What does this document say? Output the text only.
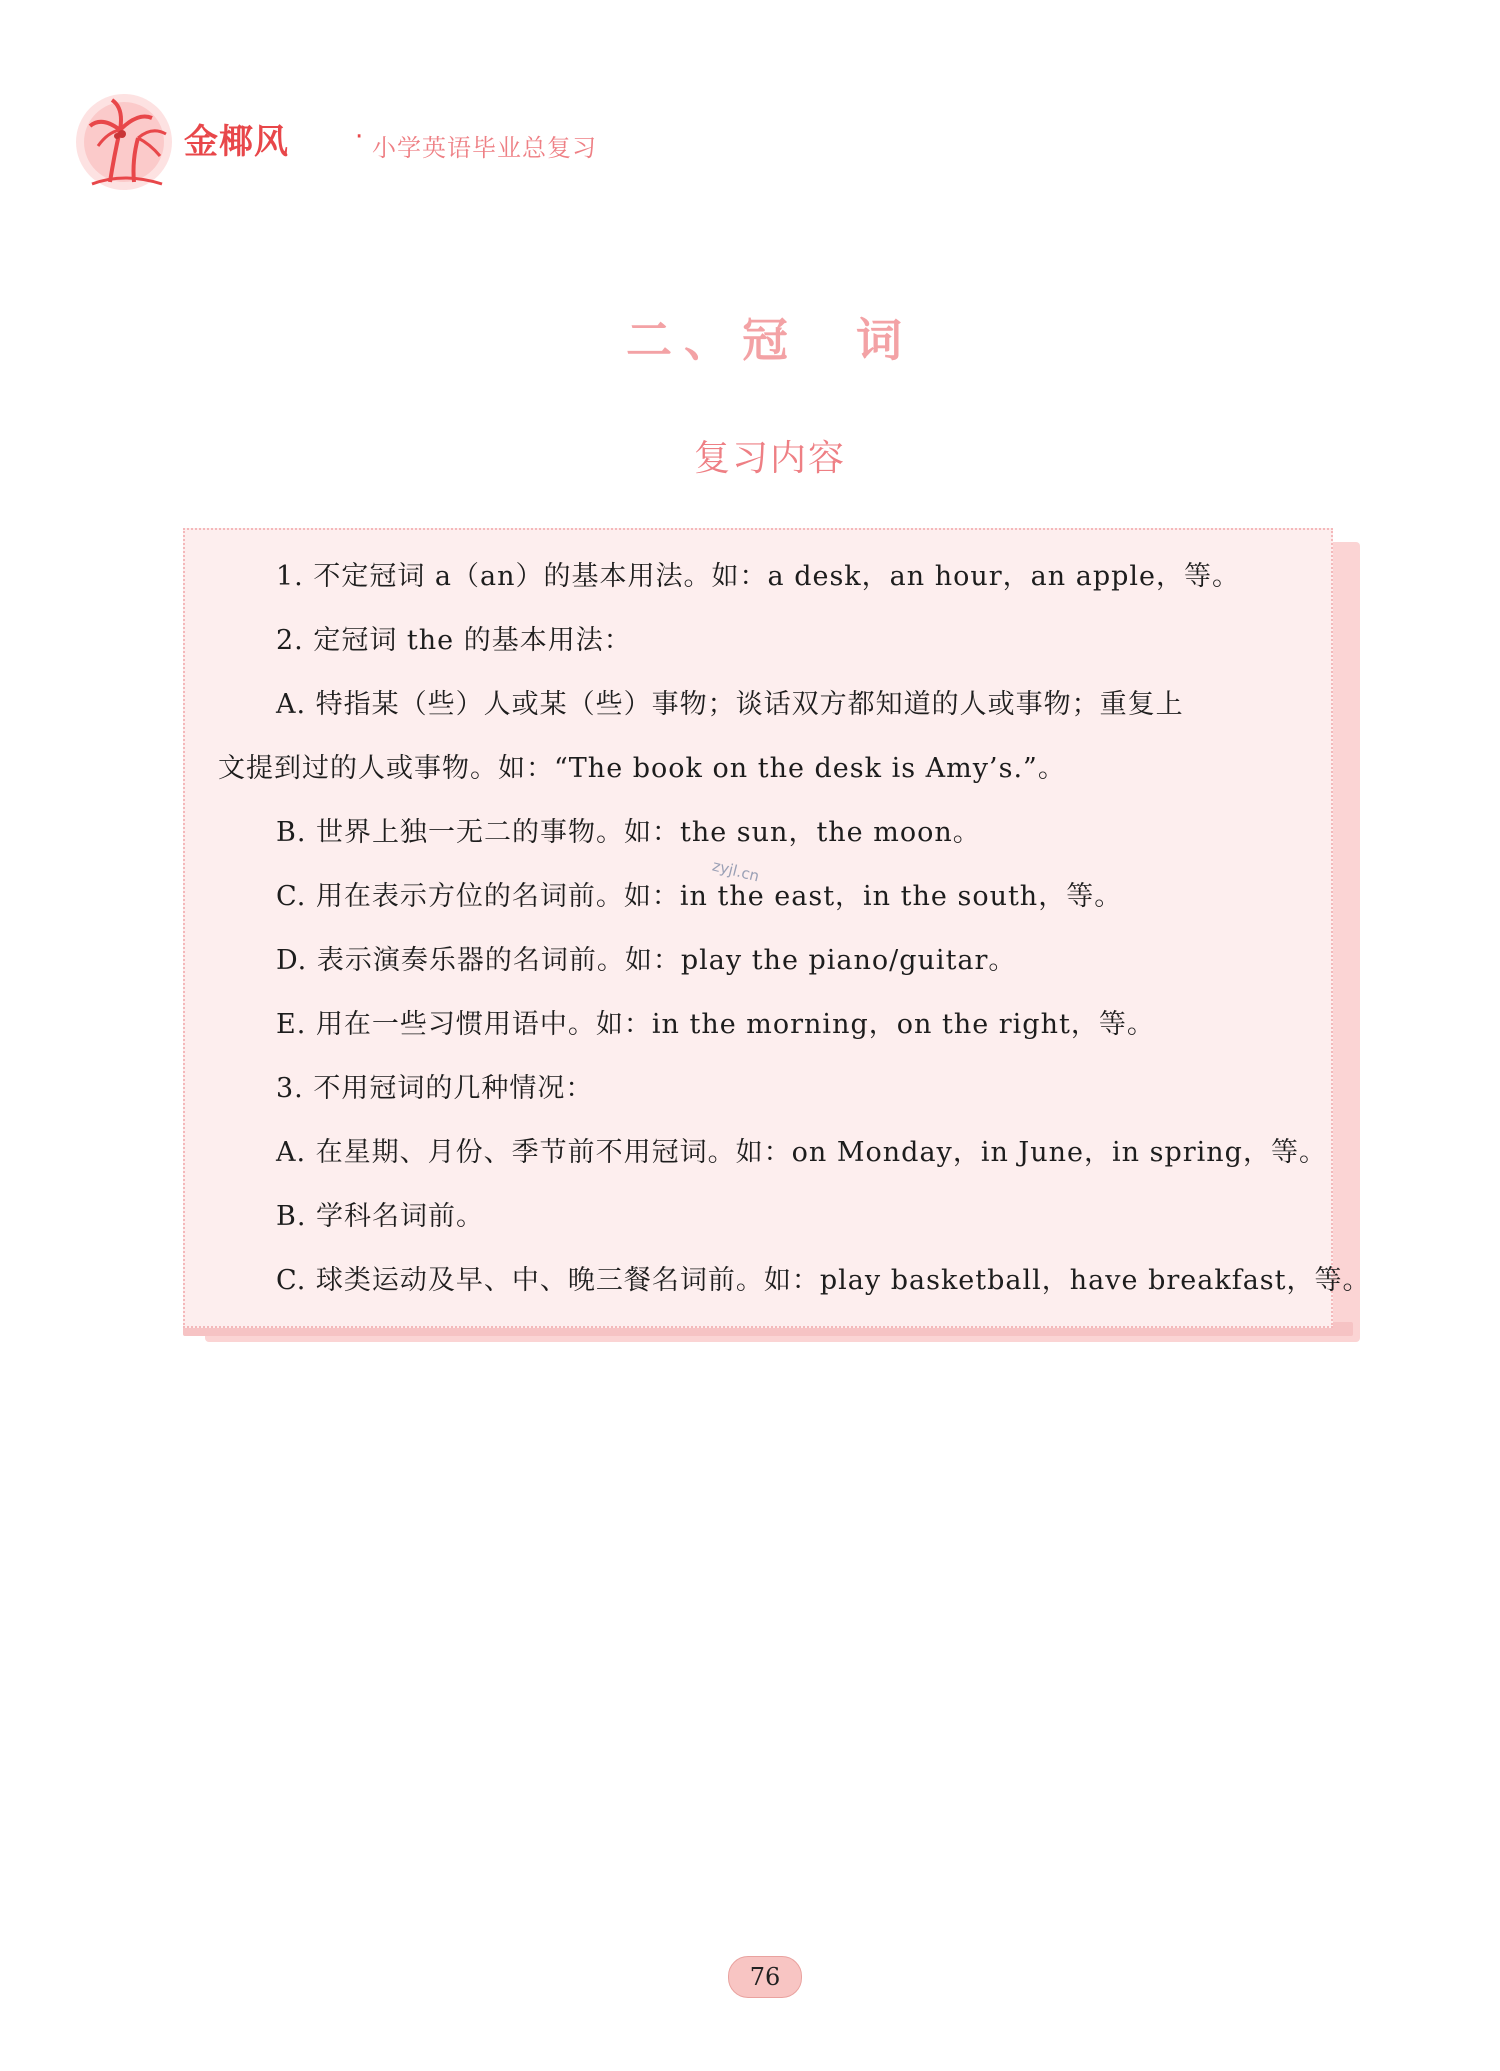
金椰风	· 小学英语毕业总复习
二、冠  词
复习内容
1. 不定冠词 a（an）的基本用法。如：a desk，an hour，an apple，等。
2. 定冠词 the 的基本用法：
A. 特指某（些）人或某（些）事物；谈话双方都知道的人或事物；重复上
文提到过的人或事物。如：“The book on the desk is Amy’s.”。
B. 世界上独一无二的事物。如：the sun，the moon。
C. 用在表示方位的名词前。如：in the east，in the south，等。
D. 表示演奏乐器的名词前。如：play the piano/guitar。
E. 用在一些习惯用语中。如：in the morning，on the right，等。
3. 不用冠词的几种情况：
A. 在星期、月份、季节前不用冠词。如：on Monday，in June，in spring，等。
B. 学科名词前。
C. 球类运动及早、中、晚三餐名词前。如：play basketball，have breakfast，等。
zyjl.cn
76
